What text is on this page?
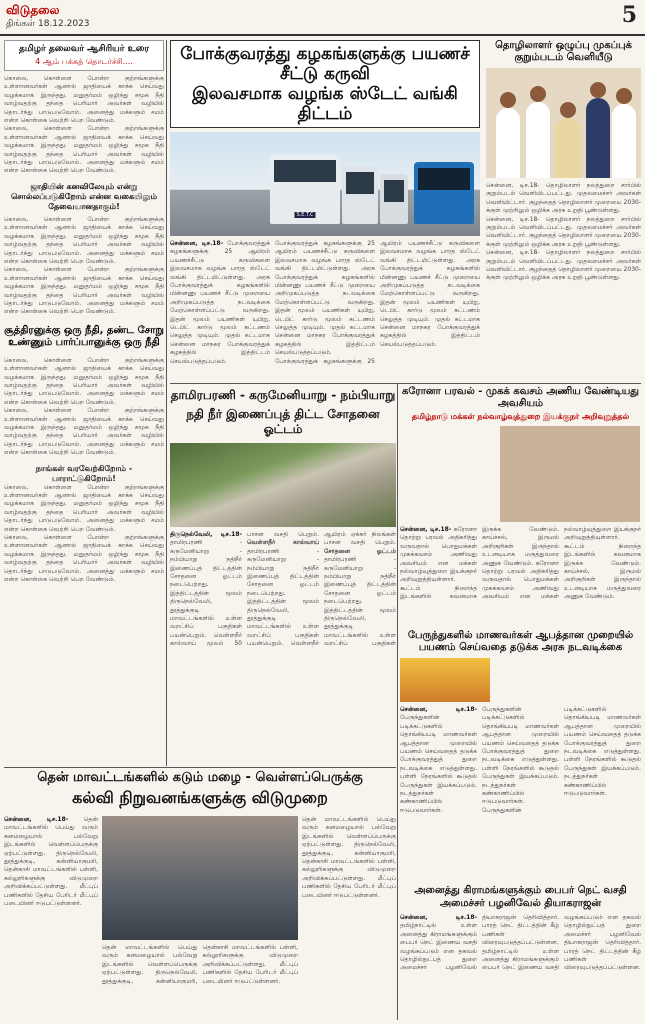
விடுதலை
திங்கள் 18.12.2023	5
தமிழர் தலைவர் ஆசிரியர் உரை
4 ஆம் பக்கத் தொடர்ச்சி....

கொலை, கொள்ளை போன்ற குற்றங்களுக்கு உள்ளானவர்கள் ஆனால் ஜாதியைக் காக்க செய்வது வழக்கமாக இருந்தது. மனுதர்மம் ஒழிந்து சமூக நீதி வாழ்வதற்கு தந்தை பெரியார் அவர்கள் வழியில் தொடர்ந்து பாடுபடுவோம். அனைத்து மக்களும் சமம் என்ற கொள்கை வெற்றி பெற வேண்டும்.

கொலை, கொள்ளை போன்ற குற்றங்களுக்கு உள்ளானவர்கள் ஆனால் ஜாதியைக் காக்க செய்வது வழக்கமாக இருந்தது. மனுதர்மம் ஒழிந்து சமூக நீதி வாழ்வதற்கு தந்தை பெரியார் அவர்கள் வழியில் தொடர்ந்து பாடுபடுவோம். அனைத்து மக்களும் சமம் என்ற கொள்கை வெற்றி பெற வேண்டும்.

ஜாதியின் கனவிலேயும் என்று சொல்லப்படுகிறோம் என்ன வகையிலும் தேவையானதாகும்!

கொலை, கொள்ளை போன்ற குற்றங்களுக்கு உள்ளானவர்கள் ஆனால் ஜாதியைக் காக்க செய்வது வழக்கமாக இருந்தது. மனுதர்மம் ஒழிந்து சமூக நீதி வாழ்வதற்கு தந்தை பெரியார் அவர்கள் வழியில் தொடர்ந்து பாடுபடுவோம். அனைத்து மக்களும் சமம் என்ற கொள்கை வெற்றி பெற வேண்டும்.

கொலை, கொள்ளை போன்ற குற்றங்களுக்கு உள்ளானவர்கள் ஆனால் ஜாதியைக் காக்க செய்வது வழக்கமாக இருந்தது. மனுதர்மம் ஒழிந்து சமூக நீதி வாழ்வதற்கு தந்தை பெரியார் அவர்கள் வழியில் தொடர்ந்து பாடுபடுவோம். அனைத்து மக்களும் சமம் என்ற கொள்கை வெற்றி பெற வேண்டும்.

சூத்திரனுக்கு ஒரு நீதி, தண்ட சோறு உண்ணும் பார்ப்பானுக்கு ஒரு நீதி

கொலை, கொள்ளை போன்ற குற்றங்களுக்கு உள்ளானவர்கள் ஆனால் ஜாதியைக் காக்க செய்வது வழக்கமாக இருந்தது. மனுதர்மம் ஒழிந்து சமூக நீதி வாழ்வதற்கு தந்தை பெரியார் அவர்கள் வழியில் தொடர்ந்து பாடுபடுவோம். அனைத்து மக்களும் சமம் என்ற கொள்கை வெற்றி பெற வேண்டும்.

கொலை, கொள்ளை போன்ற குற்றங்களுக்கு உள்ளானவர்கள் ஆனால் ஜாதியைக் காக்க செய்வது வழக்கமாக இருந்தது. மனுதர்மம் ஒழிந்து சமூக நீதி வாழ்வதற்கு தந்தை பெரியார் அவர்கள் வழியில் தொடர்ந்து பாடுபடுவோம். அனைத்து மக்களும் சமம் என்ற கொள்கை வெற்றி பெற வேண்டும்.

நாங்கள் வரவேற்கிறோம் - பாராட்டுகிறோம்!

கொலை, கொள்ளை போன்ற குற்றங்களுக்கு உள்ளானவர்கள் ஆனால் ஜாதியைக் காக்க செய்வது வழக்கமாக இருந்தது. மனுதர்மம் ஒழிந்து சமூக நீதி வாழ்வதற்கு தந்தை பெரியார் அவர்கள் வழியில் தொடர்ந்து பாடுபடுவோம். அனைத்து மக்களும் சமம் என்ற கொள்கை வெற்றி பெற வேண்டும்.

கொலை, கொள்ளை போன்ற குற்றங்களுக்கு உள்ளானவர்கள் ஆனால் ஜாதியைக் காக்க செய்வது வழக்கமாக இருந்தது. மனுதர்மம் ஒழிந்து சமூக நீதி வாழ்வதற்கு தந்தை பெரியார் அவர்கள் வழியில் தொடர்ந்து பாடுபடுவோம். அனைத்து மக்களும் சமம் என்ற கொள்கை வெற்றி பெற வேண்டும்.

போக்குவரத்து கழகங்களுக்கு பயணச் சீட்டு கருவி
இலவசமாக வழங்க ஸ்டேட் வங்கி திட்டம்
S.E.T.C

சென்னை, டிச.18- போக்குவரத்துக் கழகங்களுக்கு 25 ஆயிரம் பயணச்சீட்டு கருவிகளை இலவசமாக வழங்க பாரத ஸ்டேட் வங்கி திட்டமிட்டுள்ளது. அரசு போக்குவரத்துக் கழகங்களில் மின்னணு பயணச் சீட்டு முறையை அறிமுகப்படுத்த நடவடிக்கை மேற்கொள்ளப்பட்டு வருகிறது. இதன் மூலம் பயணிகள் யுபிஐ, டெபிட் கார்டு மூலம் கட்டணம் செலுத்த முடியும். முதல் கட்டமாக சென்னை மாநகர போக்குவரத்துக் கழகத்தில் இத்திட்டம் செயல்படுத்தப்படும். போக்குவரத்துக் கழகங்களுக்கு 25 ஆயிரம் பயணச்சீட்டு கருவிகளை இலவசமாக வழங்க பாரத ஸ்டேட் வங்கி திட்டமிட்டுள்ளது. அரசு போக்குவரத்துக் கழகங்களில் மின்னணு பயணச் சீட்டு முறையை அறிமுகப்படுத்த நடவடிக்கை மேற்கொள்ளப்பட்டு வருகிறது. இதன் மூலம் பயணிகள் யுபிஐ, டெபிட் கார்டு மூலம் கட்டணம் செலுத்த முடியும். முதல் கட்டமாக சென்னை மாநகர போக்குவரத்துக் கழகத்தில் இத்திட்டம் செயல்படுத்தப்படும். போக்குவரத்துக் கழகங்களுக்கு 25 ஆயிரம் பயணச்சீட்டு கருவிகளை இலவசமாக வழங்க பாரத ஸ்டேட் வங்கி திட்டமிட்டுள்ளது. அரசு போக்குவரத்துக் கழகங்களில் மின்னணு பயணச் சீட்டு முறையை அறிமுகப்படுத்த நடவடிக்கை மேற்கொள்ளப்பட்டு வருகிறது. இதன் மூலம் பயணிகள் யுபிஐ, டெபிட் கார்டு மூலம் கட்டணம் செலுத்த முடியும். முதல் கட்டமாக சென்னை மாநகர போக்குவரத்துக் கழகத்தில் இத்திட்டம் செயல்படுத்தப்படும்.

தொழிலாளர் ஒழுப்பு முகப்புக் குறும்படம் வெளியீடு

சென்னை, டிச.18- தொழிலாளர் நலத்துறை சார்பில் குறும்படம் வெளியிடப்பட்டது. முதலமைச்சர் அவர்கள் வெளியிட்டார். குழந்தைத் தொழிலாளர் முறையை 2030-க்குள் முற்றிலும் ஒழிக்க அரசு உறுதி பூண்டுள்ளது.

சென்னை, டிச.18- தொழிலாளர் நலத்துறை சார்பில் குறும்படம் வெளியிடப்பட்டது. முதலமைச்சர் அவர்கள் வெளியிட்டார். குழந்தைத் தொழிலாளர் முறையை 2030-க்குள் முற்றிலும் ஒழிக்க அரசு உறுதி பூண்டுள்ளது.

சென்னை, டிச.18- தொழிலாளர் நலத்துறை சார்பில் குறும்படம் வெளியிடப்பட்டது. முதலமைச்சர் அவர்கள் வெளியிட்டார். குழந்தைத் தொழிலாளர் முறையை 2030-க்குள் முற்றிலும் ஒழிக்க அரசு உறுதி பூண்டுள்ளது.

தாமிரபரணி - கருமேனியாறு - நம்பியாறு
நதி நீர் இணைப்புத் திட்ட சோதனை ஓட்டம்

திருநெல்வேலி, டிச.18- தாமிரபரணி - கருமேனியாறு - நம்பியாறு நதிநீர் இணைப்புத் திட்டத்தின் சோதனை ஓட்டம் நடைபெற்றது. இத்திட்டத்தின் மூலம் திருநெல்வேலி, தூத்துக்குடி மாவட்டங்களில் உள்ள வறட்சிப் பகுதிகள் பயன்பெறும். வெள்ளநீர் கால்வாய் மூலம் 50 பாசன வசதி பெறும். வெள்ளநீர் கால்வாய் தாமிரபரணி - கருமேனியாறு - நம்பியாறு நதிநீர் இணைப்புத் திட்டத்தின் சோதனை ஓட்டம் நடைபெற்றது. இத்திட்டத்தின் மூலம் திருநெல்வேலி, தூத்துக்குடி மாவட்டங்களில் உள்ள வறட்சிப் பகுதிகள் பயன்பெறும். வெள்ளநீர் ஆயிரம் ஏக்கர் நிலங்கள் பாசன வசதி பெறும். சோதனை ஓட்டம் தாமிரபரணி - கருமேனியாறு - நம்பியாறு நதிநீர் இணைப்புத் திட்டத்தின் சோதனை ஓட்டம் நடைபெற்றது. இத்திட்டத்தின் மூலம் திருநெல்வேலி, தூத்துக்குடி மாவட்டங்களில் உள்ள வறட்சிப் பகுதிகள்

கரோனா பரவல் - முகக் கவசம் அணிய வேண்டியது அவசியம்
தமிழ்நாடு மக்கள் நல்வாழ்வுத்துறை இயக்குநர் அறிவுறுத்தல்

சென்னை, டிச.18- கரோனா தொற்று பரவல் அதிகரித்து வருவதால் பொதுமக்கள் முகக்கவசம் அணிவது அவசியம் என மக்கள் நல்வாழ்வுத்துறை இயக்குநர் அறிவுறுத்தியுள்ளார். கூட்டம் நிறைந்த இடங்களில் கவனமாக இருக்க வேண்டும். காய்ச்சல், இருமல் அறிகுறிகள் இருந்தால் உடனடியாக மருத்துவரை அணுக வேண்டும். கரோனா தொற்று பரவல் அதிகரித்து வருவதால் பொதுமக்கள் முகக்கவசம் அணிவது அவசியம் என மக்கள் நல்வாழ்வுத்துறை இயக்குநர் அறிவுறுத்தியுள்ளார். கூட்டம் நிறைந்த இடங்களில் கவனமாக இருக்க வேண்டும். காய்ச்சல், இருமல் அறிகுறிகள் இருந்தால் உடனடியாக மருத்துவரை அணுக வேண்டும்.

பேருந்துகளில் மாணவர்கள் ஆபத்தான முறையில்
பயணம் செய்வதை தடுக்க அரசு நடவடிக்கை

சென்னை, டிச.18- பேருந்துகளின் படிக்கட்டுகளில் தொங்கியபடி மாணவர்கள் ஆபத்தான முறையில் பயணம் செய்வதைத் தடுக்க போக்குவரத்துத் துறை நடவடிக்கை எடுத்துள்ளது. பள்ளி நேரங்களில் கூடுதல் பேருந்துகள் இயக்கப்படும். நடத்துநர்கள் கண்காணிப்பில் ஈடுபடுவார்கள். பேருந்துகளின் படிக்கட்டுகளில் தொங்கியபடி மாணவர்கள் ஆபத்தான முறையில் பயணம் செய்வதைத் தடுக்க போக்குவரத்துத் துறை நடவடிக்கை எடுத்துள்ளது. பள்ளி நேரங்களில் கூடுதல் பேருந்துகள் இயக்கப்படும். நடத்துநர்கள் கண்காணிப்பில் ஈடுபடுவார்கள். பேருந்துகளின் படிக்கட்டுகளில் தொங்கியபடி மாணவர்கள் ஆபத்தான முறையில் பயணம் செய்வதைத் தடுக்க போக்குவரத்துத் துறை நடவடிக்கை எடுத்துள்ளது. பள்ளி நேரங்களில் கூடுதல் பேருந்துகள் இயக்கப்படும். நடத்துநர்கள் கண்காணிப்பில் ஈடுபடுவார்கள்.

தென் மாவட்டங்களில் கடும் மழை - வெள்ளப்பெருக்கு
கல்வி நிறுவனங்களுக்கு விடுமுறை

சென்னை, டிச.18-	தென் மாவட்டங்களில் பெய்து வரும் கனமழையால் பல்வேறு இடங்களில் வெள்ளப்பெருக்கு ஏற்பட்டுள்ளது. திருநெல்வேலி, தூத்துக்குடி, கன்னியாகுமரி, தென்காசி மாவட்டங்களில் பள்ளி, கல்லூரிகளுக்கு விடுமுறை அறிவிக்கப்பட்டுள்ளது. மீட்புப் பணிகளில் தேசிய பேரிடர் மீட்புப் படையினர் ஈடுபட்டுள்ளனர்.

தென் மாவட்டங்களில் பெய்து வரும் கனமழையால் பல்வேறு இடங்களில் வெள்ளப்பெருக்கு ஏற்பட்டுள்ளது. திருநெல்வேலி, தூத்துக்குடி, கன்னியாகுமரி, தென்காசி மாவட்டங்களில் பள்ளி, கல்லூரிகளுக்கு விடுமுறை அறிவிக்கப்பட்டுள்ளது. மீட்புப் பணிகளில் தேசிய பேரிடர் மீட்புப் படையினர் ஈடுபட்டுள்ளனர்.

தென் மாவட்டங்களில் பெய்து வரும் கனமழையால் பல்வேறு இடங்களில் வெள்ளப்பெருக்கு ஏற்பட்டுள்ளது. திருநெல்வேலி, தூத்துக்குடி, கன்னியாகுமரி, தென்காசி மாவட்டங்களில் பள்ளி, கல்லூரிகளுக்கு விடுமுறை அறிவிக்கப்பட்டுள்ளது. மீட்புப் பணிகளில் தேசிய பேரிடர் மீட்புப் படையினர் ஈடுபட்டுள்ளனர்.

அனைத்து கிராமங்களுக்கும் பைபர் நெட் வசதி
அமைச்சர் பழனிவேல் தியாகராஜன்

சென்னை, டிச.18- தமிழ்நாட்டில் உள்ள அனைத்து கிராமங்களுக்கும் பைபர் நெட் இணைய வசதி வழங்கப்படும் என தகவல் தொழில்நுட்பத் துறை அமைச்சர் பழனிவேல் தியாகராஜன் தெரிவித்தார். பாரத் நெட் திட்டத்தின் கீழ் பணிகள் விரைவுபடுத்தப்பட்டுள்ளன. தமிழ்நாட்டில் உள்ள அனைத்து கிராமங்களுக்கும் பைபர் நெட் இணைய வசதி வழங்கப்படும் என தகவல் தொழில்நுட்பத் துறை அமைச்சர் பழனிவேல் தியாகராஜன் தெரிவித்தார். பாரத் நெட் திட்டத்தின் கீழ் பணிகள் விரைவுபடுத்தப்பட்டுள்ளன.
